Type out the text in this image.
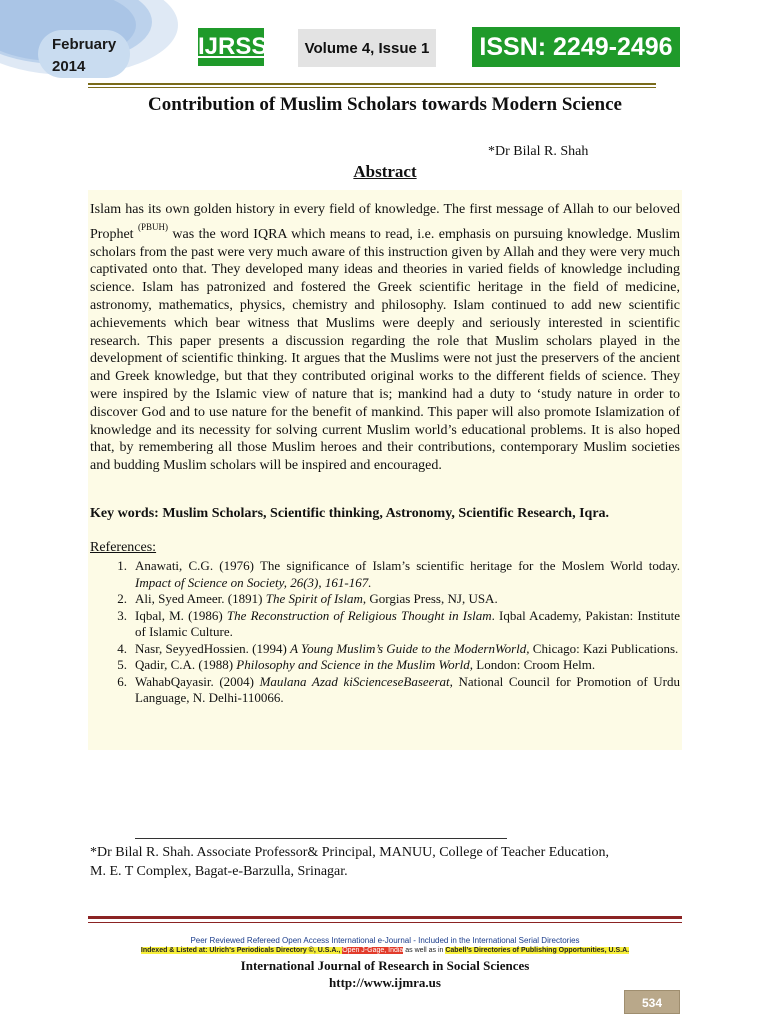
February
2014
IJRSS	Volume 4, Issue 1 ISSN: 2249-2496
Contribution of Muslim Scholars towards Modern Science
*Dr Bilal R. Shah
Abstract
Islam has its own golden history in every field of knowledge. The first message of Allah to our beloved Prophet $^{(PBUH)}$ was the word IQRA which means to read, i.e. emphasis on pursuing knowledge. Muslim scholars from the past were very much aware of this instruction given by Allah and they were very much captivated onto that. They developed many ideas and theories in varied fields of knowledge including science. Islam has patronized and fostered the Greek scientific heritage in the field of medicine, astronomy, mathematics, physics, chemistry and philosophy. Islam continued to add new scientific achievements which bear witness that Muslims were deeply and seriously interested in scientific research. This paper presents a discussion regarding the role that Muslim scholars played in the development of scientific thinking. It argues that the Muslims were not just the preservers of the ancient and Greek knowledge, but that they contributed original works to the different fields of science. They were inspired by the Islamic view of nature that is; mankind had a duty to ‘study nature in order to discover God and to use nature for the benefit of mankind. This paper will also promote Islamization of knowledge and its necessity for solving current Muslim world’s educational problems. It is also hoped that, by remembering all those Muslim heroes and their contributions, contemporary Muslim societies and budding Muslim scholars will be inspired and encouraged.
Key words: Muslim Scholars, Scientific thinking, Astronomy, Scientific Research, Iqra.
References:
1. Anawati, C.G. (1976) The significance of Islam’s scientific heritage for the Moslem World today. Impact of Science on Society, 26(3), 161-167.
2. Ali, Syed Ameer. (1891) The Spirit of Islam, Gorgias Press, NJ, USA.
3. Iqbal, M. (1986) The Reconstruction of Religious Thought in Islam. Iqbal Academy, Pakistan: Institute of Islamic Culture.
4. Nasr, SeyyedHossien. (1994) A Young Muslim’s Guide to the ModernWorld, Chicago: Kazi Publications.
5. Qadir, C.A. (1988) Philosophy and Science in the Muslim World, London: Croom Helm.
6. WahabQayasir. (2004) Maulana Azad kiScienceseBaseerat, National Council for Promotion of Urdu Language, N. Delhi-110066.
*Dr Bilal R. Shah. Associate Professor& Principal, MANUU, College of Teacher Education,
M. E. T Complex, Bagat-e-Barzulla, Srinagar.
Peer Reviewed Refereed Open Access International e-Journal - Included in the International Serial Directories
Indexed & Listed at: Ulrich's Periodicals Directory ©, U.S.A., Open J-Gage, India as well as in Cabell’s Directories of Publishing Opportunities, U.S.A.
International Journal of Research in Social Sciences
http://www.ijmra.us
534
